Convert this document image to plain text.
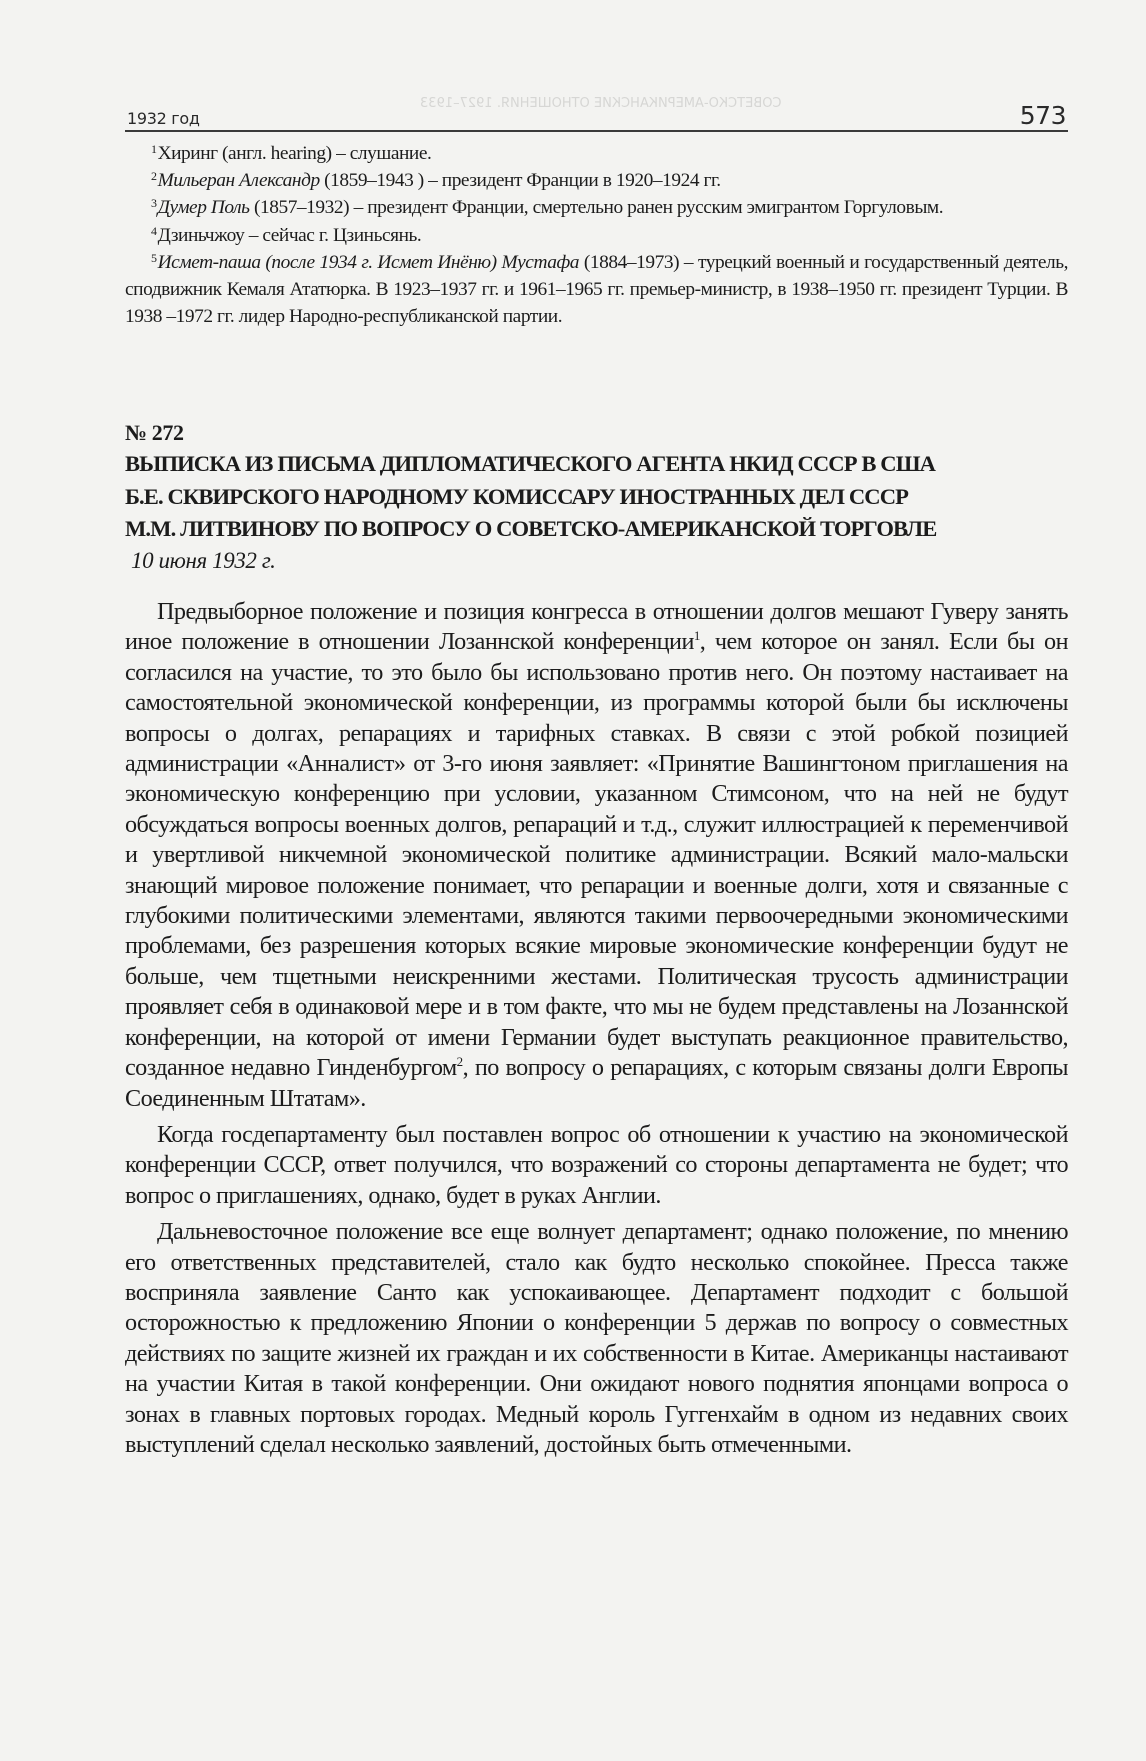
СОВЕТСКО-АМЕРИКАНСКИЕ ОТНОШЕНИЯ. 1927–1933
1932 год	573

$^1$Хиринг (англ. hearing) – слушание.

$^2$Мильеран Александр (1859–1943 ) – президент Франции в 1920–1924 гг.

$^3$Думер Поль (1857–1932) – президент Франции, смертельно ранен русским эмигрантом Горгуловым.

$^4$Дзиньчжоу – сейчас г. Цзиньсянь.

$^5$Исмет-паша (после 1934 г. Исмет Инёню) Мустафа (1884–1973) – турецкий военный и государственный деятель, сподвижник Кемаля Ататюрка. В 1923–1937 гг. и 1961–1965 гг. премьер-министр, в 1938–1950 гг. президент Турции. В 1938 –1972 гг. лидер Народно-республиканской партии.

№ 272
ВЫПИСКА ИЗ ПИСЬМА ДИПЛОМАТИЧЕСКОГО АГЕНТА НКИД СССР В США
Б.Е. СКВИРСКОГО НАРОДНОМУ КОМИССАРУ ИНОСТРАННЫХ ДЕЛ СССР
М.М. ЛИТВИНОВУ ПО ВОПРОСУ О СОВЕТСКО-АМЕРИКАНСКОЙ ТОРГОВЛЕ
10 июня 1932 г.

Предвыборное положение и позиция конгресса в отношении долгов мешают Гуверу занять иное положение в отношении Лозаннской конференции$^1$, чем которое он занял. Если бы он согласился на участие, то это было бы использовано против него. Он поэтому настаивает на самостоятельной экономической конференции, из программы которой были бы исключены вопросы о долгах, репарациях и тарифных ставках. В связи с этой робкой позицией администрации «Анналист» от 3-го июня заявляет: «Принятие Вашингтоном приглашения на экономическую конференцию при условии, указанном Стимсоном, что на ней не будут обсуждаться вопросы военных долгов, репараций и т.д., служит иллюстрацией к переменчивой и увертливой никчемной экономической политике администрации. Всякий мало-мальски знающий мировое положение понимает, что репарации и военные долги, хотя и связанные с глубокими политическими элементами, являются такими первоочередными экономическими проблемами, без разрешения которых всякие мировые экономические конференции будут не больше, чем тщетными неискренними жестами. Политическая трусость администрации проявляет себя в одинаковой мере и в том факте, что мы не будем представлены на Лозаннской конференции, на которой от имени Германии будет выступать реакционное правительство, созданное недавно Гинденбургом$^2$, по вопросу о репарациях, с которым связаны долги Европы Соединенным Штатам».

Когда госдепартаменту был поставлен вопрос об отношении к участию на экономической конференции СССР, ответ получился, что возражений со стороны департамента не будет; что вопрос о приглашениях, однако, будет в руках Англии.

Дальневосточное положение все еще волнует департамент; однако положение, по мнению его ответственных представителей, стало как будто несколько спокойнее. Пресса также восприняла заявление Санто как успокаивающее. Департамент подходит с большой осторожностью к предложению Японии о конференции 5 держав по вопросу о совместных действиях по защите жизней их граждан и их собственности в Китае. Американцы настаивают на участии Китая в такой конференции. Они ожидают нового поднятия японцами вопроса о зонах в главных портовых городах. Медный король Гуггенхайм в одном из недавних своих выступлений сделал несколько заявлений, достойных быть отмеченными.
